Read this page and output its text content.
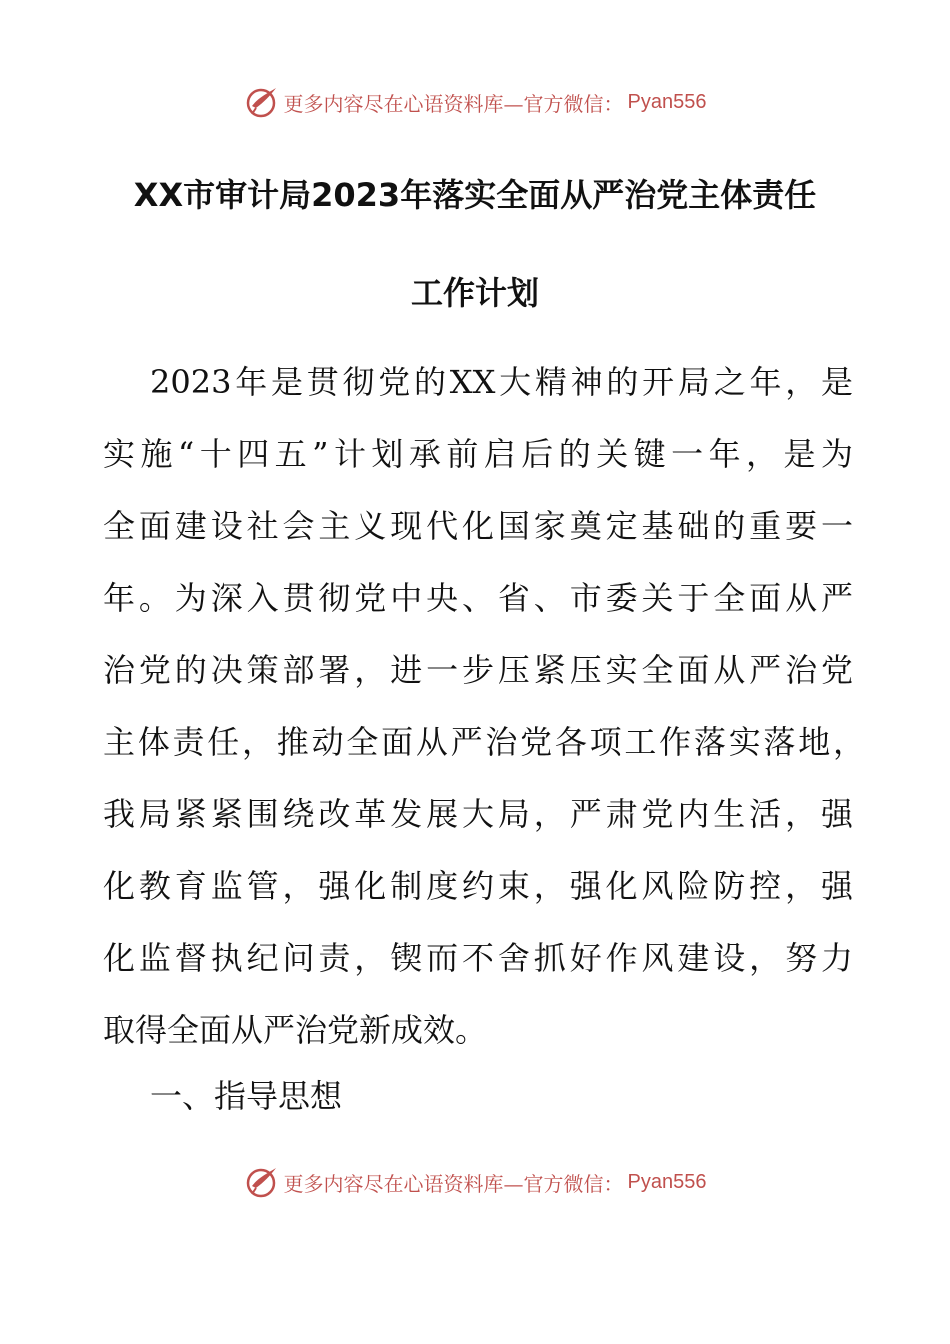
更多内容尽在心语资料库—官方微信： Pyan556
XX市审计局2023年落实全面从严治党主体责任
工作计划
2023年是贯彻党的XX大精神的开局之年，是
实施“十四五”计划承前启后的关键一年，是为
全面建设社会主义现代化国家奠定基础的重要一
年。为深入贯彻党中央、省、市委关于全面从严
治党的决策部署，进一步压紧压实全面从严治党
主体责任，推动全面从严治党各项工作落实落地，
我局紧紧围绕改革发展大局，严肃党内生活，强
化教育监管，强化制度约束，强化风险防控，强
化监督执纪问责，锲而不舍抓好作风建设，努力
取得全面从严治党新成效。
一、指导思想
更多内容尽在心语资料库—官方微信： Pyan556
